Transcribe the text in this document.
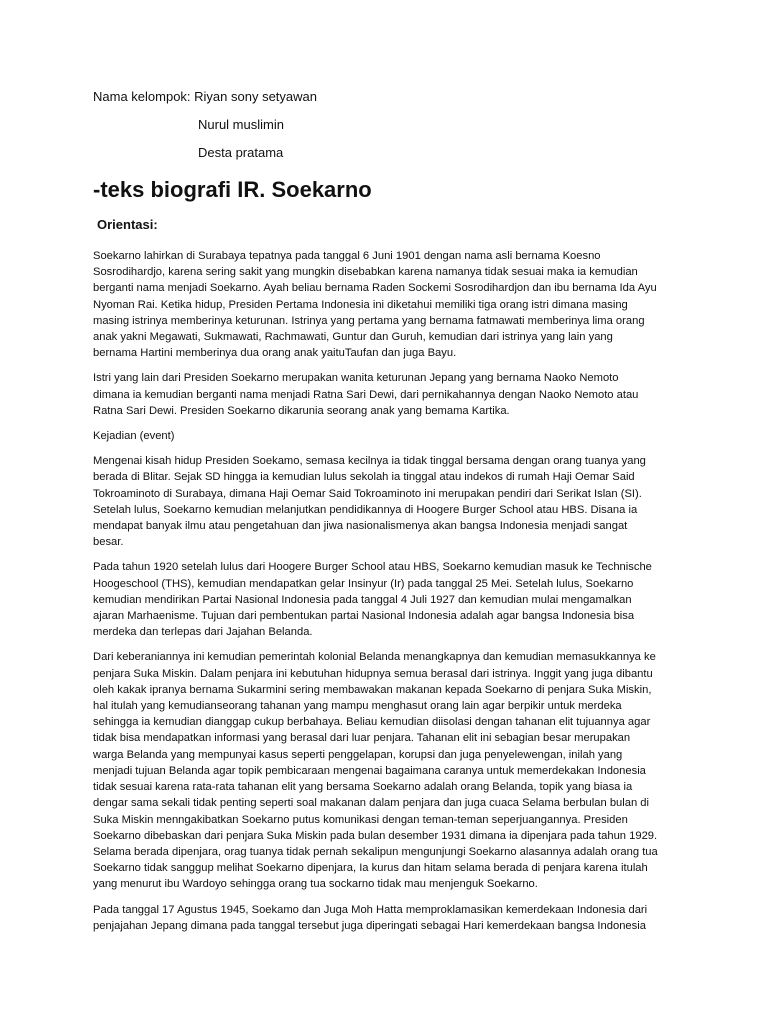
Nama kelompok: Riyan sony setyawan
Nurul muslimin
Desta pratama
-teks biografi IR. Soekarno
Orientasi:

Soekarno lahirkan di Surabaya tepatnya pada tanggal 6 Juni 1901 dengan nama asli bernama Koesno Sosrodihardjo, karena sering sakit yang mungkin disebabkan karena namanya tidak sesuai maka ia kemudian berganti nama menjadi Soekarno. Ayah beliau bernama Raden Sockemi Sosrodihardjon dan ibu bernama Ida Ayu Nyoman Rai. Ketika hidup, Presiden Pertama Indonesia ini diketahui memiliki tiga orang istri dimana masing masing istrinya memberinya keturunan. Istrinya yang pertama yang bernama fatmawati memberinya lima orang anak yakni Megawati, Sukmawati, Rachmawati, Guntur dan Guruh, kemudian dari istrinya yang lain yang bernama Hartini memberinya dua orang anak yaituTaufan dan juga Bayu.

Istri yang lain dari Presiden Soekarno merupakan wanita keturunan Jepang yang bernama Naoko Nemoto dimana ia kemudian berganti nama menjadi Ratna Sari Dewi, dari pernikahannya dengan Naoko Nemoto atau Ratna Sari Dewi. Presiden Soekarno dikarunia seorang anak yang bemama Kartika.

Kejadian (event)

Mengenai kisah hidup Presiden Soekamo, semasa kecilnya ia tidak tinggal bersama dengan orang tuanya yang berada di Blitar. Sejak SD hingga ia kemudian lulus sekolah ia tinggal atau indekos di rumah Haji Oemar Said Tokroaminoto di Surabaya, dimana Haji Oemar Said Tokroaminoto ini merupakan pendiri dari Serikat Islan (SI). Setelah lulus, Soekarno kemudian melanjutkan pendidikannya di Hoogere Burger School atau HBS. Disana ia mendapat banyak ilmu atau pengetahuan dan jiwa nasionalismenya akan bangsa Indonesia menjadi sangat besar.

Pada tahun 1920 setelah lulus dari Hoogere Burger School atau HBS, Soekarno kemudian masuk ke Technische Hoogeschool (THS), kemudian mendapatkan gelar Insinyur (Ir) pada tanggal 25 Mei. Setelah lulus, Soekarno kemudian mendirikan Partai Nasional Indonesia pada tanggal 4 Juli 1927 dan kemudian mulai mengamalkan ajaran Marhaenisme. Tujuan dari pembentukan partai Nasional Indonesia adalah agar bangsa Indonesia bisa merdeka dan terlepas dari Jajahan Belanda.

Dari keberaniannya ini kemudian pemerintah kolonial Belanda menangkapnya dan kemudian memasukkannya ke penjara Suka Miskin. Dalam penjara ini kebutuhan hidupnya semua berasal dari istrinya. Inggit yang juga dibantu oleh kakak ipranya bernama Sukarmini sering membawakan makanan kepada Soekarno di penjara Suka Miskin, hal itulah yang kemudianseorang tahanan yang mampu menghasut orang lain agar berpikir untuk merdeka sehingga ia kemudian dianggap cukup berbahaya. Beliau kemudian diisolasi dengan tahanan elit tujuannya agar tidak bisa mendapatkan informasi yang berasal dari luar penjara. Tahanan elit ini sebagian besar merupakan warga Belanda yang mempunyai kasus seperti penggelapan, korupsi dan juga penyelewengan, inilah yang menjadi tujuan Belanda agar topik pembicaraan mengenai bagaimana caranya untuk memerdekakan Indonesia tidak sesuai karena rata-rata tahanan elit yang bersama Soekarno adalah orang Belanda, topik yang biasa ia dengar sama sekali tidak penting seperti soal makanan dalam penjara dan juga cuaca Selama berbulan bulan di Suka Miskin menngakibatkan Soekarno putus komunikasi dengan teman-teman seperjuangannya. Presiden Soekarno dibebaskan dari penjara Suka Miskin pada bulan desember 1931 dimana ia dipenjara pada tahun 1929. Selama berada dipenjara, orag tuanya tidak pernah sekalipun mengunjungi Soekarno alasannya adalah orang tua Soekarno tidak sanggup melihat Soekarno dipenjara, Ia kurus dan hitam selama berada di penjara karena itulah yang menurut ibu Wardoyo sehingga orang tua sockarno tidak mau menjenguk Soekarno.

Pada tanggal 17 Agustus 1945, Soekamo dan Juga Moh Hatta memproklamasikan kemerdekaan Indonesia dari penjajahan Jepang dimana pada tanggal tersebut juga diperingati sebagai Hari kemerdekaan bangsa Indonesia
